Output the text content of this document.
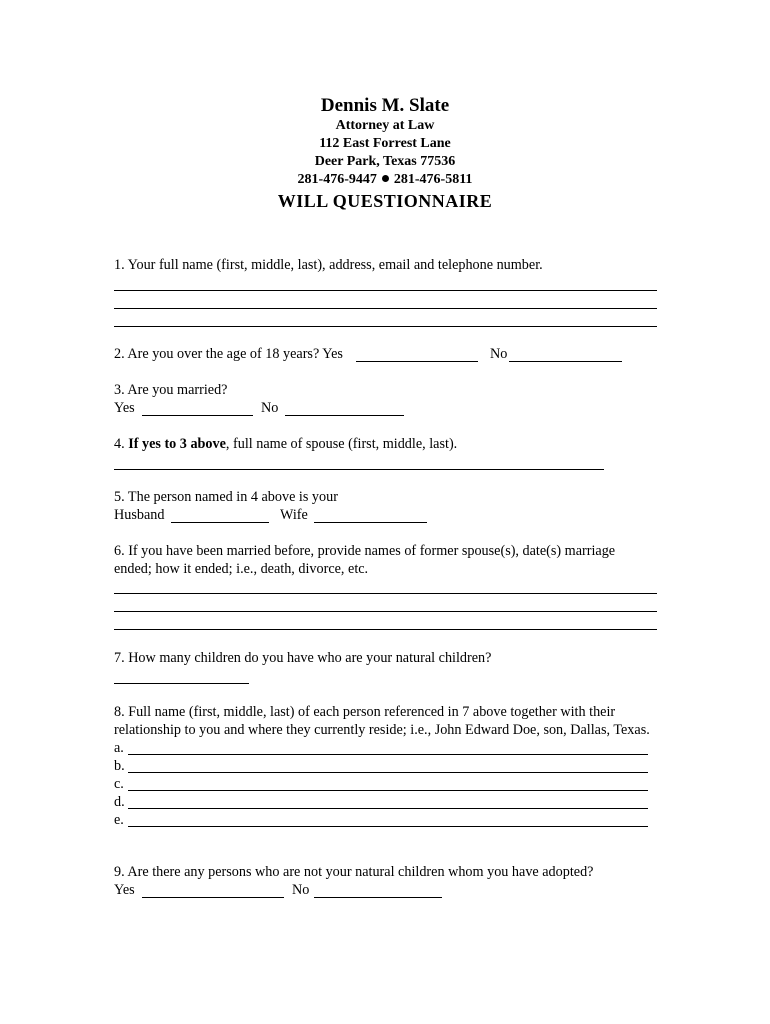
Dennis M. Slate
Attorney at Law
112 East Forrest Lane
Deer Park, Texas 77536
281-476-9447 281-476-5811
WILL QUESTIONNAIRE
1. Your full name (first, middle, last), address, email and telephone number.
2. Are you over the age of 18 years? Yes	No
3. Are you married?
Yes	No
4. If yes to 3 above, full name of spouse (first, middle, last).
5. The person named in 4 above is your
Husband	Wife
6. If you have been married before, provide names of former spouse(s), date(s) marriage
ended; how it ended; i.e., death, divorce, etc.
7. How many children do you have who are your natural children?
8. Full name (first, middle, last) of each person referenced in 7 above together with their
relationship to you and where they currently reside; i.e., John Edward Doe, son, Dallas, Texas.
a.
b.
c.
d.
e.
9. Are there any persons who are not your natural children whom you have adopted?
Yes	No
